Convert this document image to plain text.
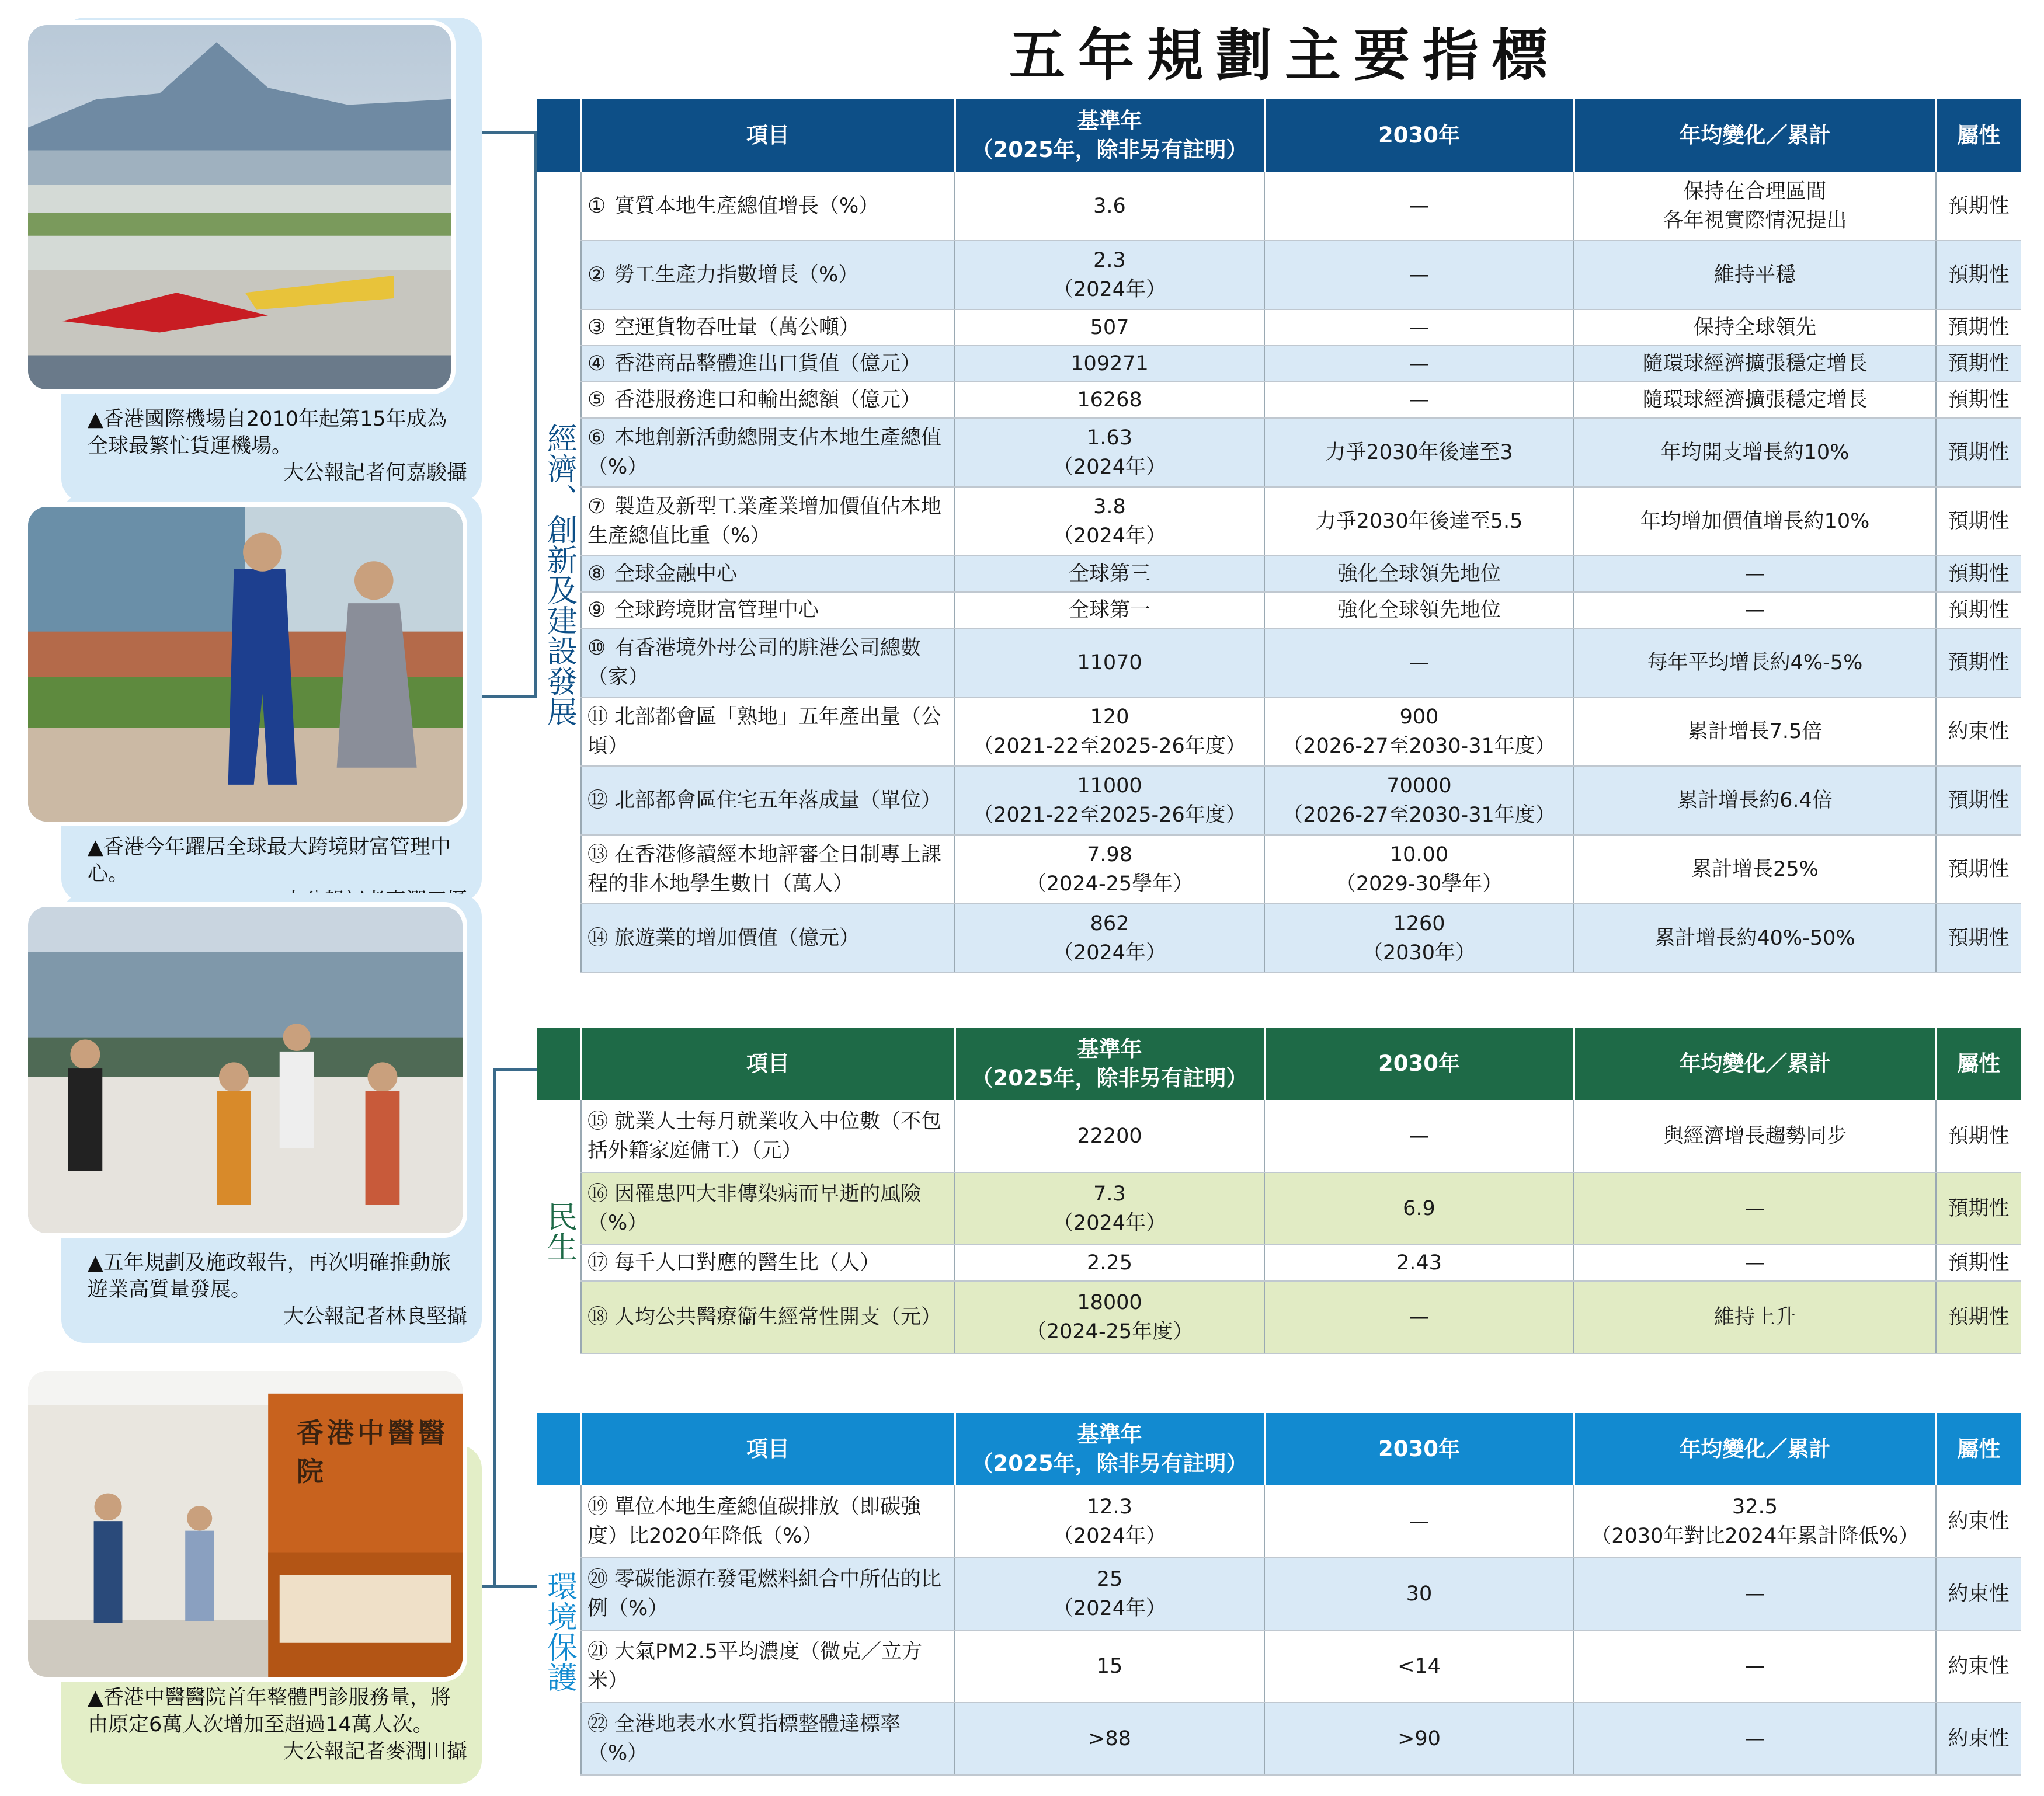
五年規劃主要指標
▲香港國際機場自2010年起第15年成為全球最繁忙貨運機場。
大公報記者何嘉駿攝
▲香港今年躍居全球最大跨境財富管理中心。
▲五年規劃及施政報告，再次明確推動旅遊業高質量發展。
大公報記者林良堅攝
香港中醫醫院
▲香港中醫醫院首年整體門診服務量，將由原定6萬人次增加至超過14萬人次。
大公報記者麥潤田攝
	項目	基準年
（2025年，除非另有註明）	2030年	年均變化／累計	屬性
	① 實質本地生產總值增長（%）	3.6	—	保持在合理區間
各年視實際情況提出	預期性
	② 勞工生產力指數增長（%）	2.3
（2024年）	—	維持平穩	預期性
	③ 空運貨物吞吐量（萬公噸）	507	—	保持全球領先	預期性
	④ 香港商品整體進出口貨值（億元）	109271	—	隨環球經濟擴張穩定增長	預期性
	⑤ 香港服務進口和輸出總額（億元）	16268	—	隨環球經濟擴張穩定增長	預期性
	⑥ 本地創新活動總開支佔本地生產總值（%）	1.63
（2024年）	力爭2030年後達至3	年均開支增長約10%	預期性
	⑦ 製造及新型工業產業增加價值佔本地生產總值比重（%）	3.8
（2024年）	力爭2030年後達至5.5	年均增加價值增長約10%	預期性
	⑧ 全球金融中心	全球第三	強化全球領先地位	—	預期性
	⑨ 全球跨境財富管理中心	全球第一	強化全球領先地位	—	預期性
	⑩ 有香港境外母公司的駐港公司總數（家）	11070	—	每年平均增長約4%-5%	預期性
	⑪ 北部都會區「熟地」五年產出量（公頃）	120
（2021-22至2025-26年度）	900
（2026-27至2030-31年度）	累計增長7.5倍	約束性
	⑫ 北部都會區住宅五年落成量（單位）	11000
（2021-22至2025-26年度）	70000
（2026-27至2030-31年度）	累計增長約6.4倍	預期性
	⑬ 在香港修讀經本地評審全日制專上課程的非本地學生數目（萬人）	7.98
（2024-25學年）	10.00
（2029-30學年）	累計增長25%	預期性
	⑭ 旅遊業的增加價值（億元）	862
（2024年）	1260
（2030年）	累計增長約40%-50%	預期性
經濟、創新及建設發展
	項目	基準年
（2025年，除非另有註明）	2030年	年均變化／累計	屬性
	⑮ 就業人士每月就業收入中位數（不包括外籍家庭傭工）（元）	22200	—	與經濟增長趨勢同步	預期性
	⑯ 因罹患四大非傳染病而早逝的風險（%）	7.3
（2024年）	6.9	—	預期性
	⑰ 每千人口對應的醫生比（人）	2.25	2.43	—	預期性
	⑱ 人均公共醫療衞生經常性開支（元）	18000
（2024-25年度）	—	維持上升	預期性
民生
	項目	基準年
（2025年，除非另有註明）	2030年	年均變化／累計	屬性
	⑲ 單位本地生產總值碳排放（即碳強度）比2020年降低（%）	12.3
（2024年）	—	32.5
（2030年對比2024年累計降低%）	約束性
	⑳ 零碳能源在發電燃料組合中所佔的比例（%）	25
（2024年）	30	—	約束性
	㉑ 大氣PM2.5平均濃度（微克／立方米）	15	<14	—	約束性
	㉒ 全港地表水水質指標整體達標率（%）	>88	>90	—	約束性
環境保護
